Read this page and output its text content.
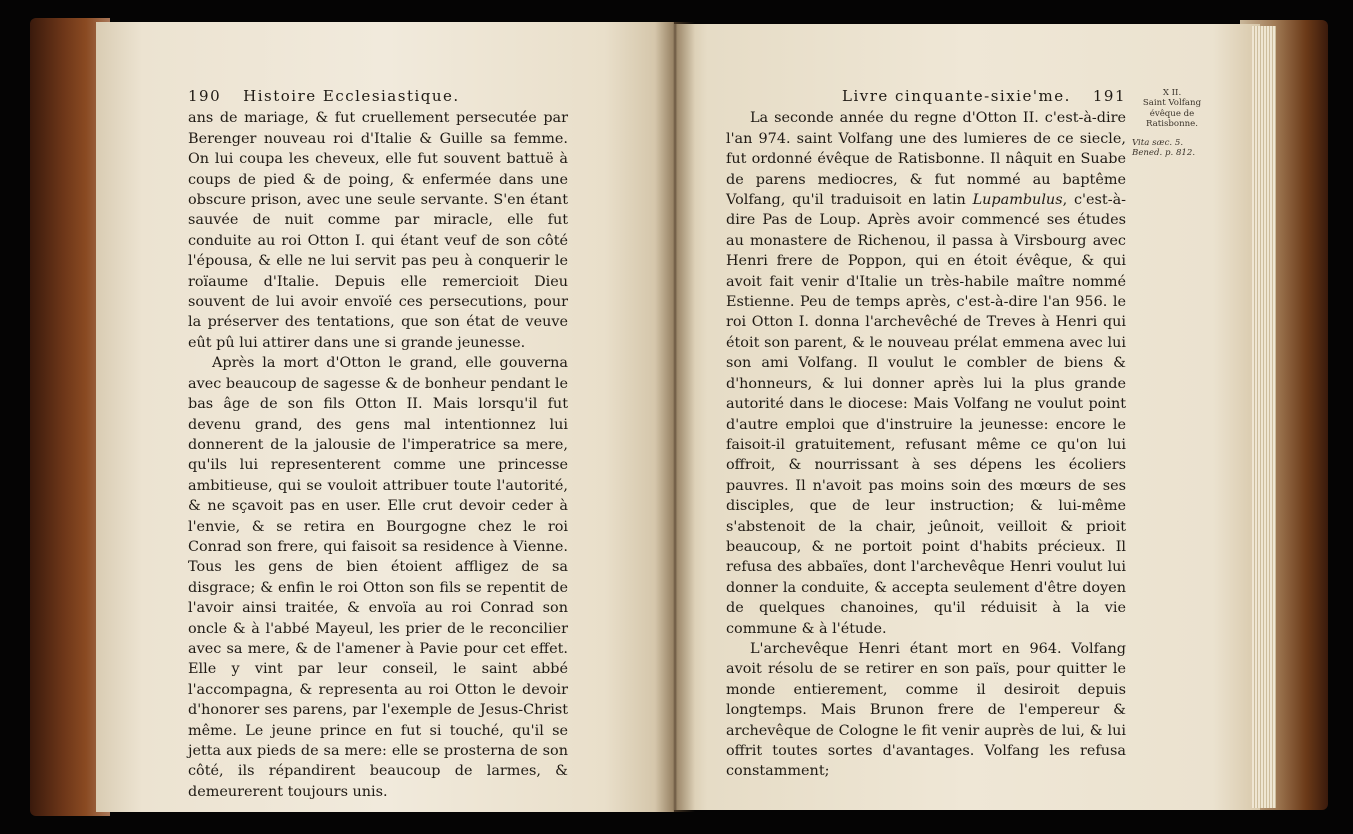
190 Histoire Ecclesiastique.

ans de mariage, & fut cruellement persecutée par Berenger nouveau roi d'Italie & Guille sa femme. On lui coupa les cheveux, elle fut souvent battuë à coups de pied & de poing, & enfermée dans une obscure prison, avec une seule servante. S'en étant sauvée de nuit comme par miracle, elle fut conduite au roi Otton I. qui étant veuf de son côté l'épousa, & elle ne lui servit pas peu à conquerir le roïaume d'Italie. Depuis elle remercioit Dieu souvent de lui avoir envoïé ces persecutions, pour la préserver des tentations, que son état de veuve eût pû lui attirer dans une si grande jeunesse.

Après la mort d'Otton le grand, elle gouverna avec beaucoup de sagesse & de bonheur pendant le bas âge de son fils Otton II. Mais lorsqu'il fut devenu grand, des gens mal intentionnez lui donnerent de la jalousie de l'imperatrice sa mere, qu'ils lui representerent comme une princesse ambitieuse, qui se vouloit attribuer toute l'autorité, & ne sçavoit pas en user. Elle crut devoir ceder à l'envie, & se retira en Bourgogne chez le roi Conrad son frere, qui faisoit sa residence à Vienne. Tous les gens de bien étoient affligez de sa disgrace; & enfin le roi Otton son fils se repentit de l'avoir ainsi traitée, & envoïa au roi Conrad son oncle & à l'abbé Mayeul, les prier de le reconcilier avec sa mere, & de l'amener à Pavie pour cet effet. Elle y vint par leur conseil, le saint abbé l'accompagna, & representa au roi Otton le devoir d'honorer ses parens, par l'exemple de Jesus-Christ même. Le jeune prince en fut si touché, qu'il se jetta aux pieds de sa mere: elle se prosterna de son côté, ils répandirent beaucoup de larmes, & demeurerent toujours unis.

Livre cinquante-sixie'me. 191

La seconde année du regne d'Otton II. c'est-à-dire l'an 974. saint Volfang une des lumieres de ce siecle, fut ordonné évêque de Ratisbonne. Il nâquit en Suabe de parens mediocres, & fut nommé au baptême Volfang, qu'il traduisoit en latin Lupambulus, c'est-à-dire Pas de Loup. Après avoir commencé ses études au monastere de Richenou, il passa à Virsbourg avec Henri frere de Poppon, qui en étoit évêque, & qui avoit fait venir d'Italie un très-habile maître nommé Estienne. Peu de temps après, c'est-à-dire l'an 956. le roi Otton I. donna l'archevêché de Treves à Henri qui étoit son parent, & le nouveau prélat emmena avec lui son ami Volfang. Il voulut le combler de biens & d'honneurs, & lui donner après lui la plus grande autorité dans le diocese: Mais Volfang ne voulut point d'autre emploi que d'instruire la jeunesse: encore le faisoit-il gratuitement, refusant même ce qu'on lui offroit, & nourrissant à ses dépens les écoliers pauvres. Il n'avoit pas moins soin des mœurs de ses disciples, que de leur instruction; & lui-même s'abstenoit de la chair, jeûnoit, veilloit & prioit beaucoup, & ne portoit point d'habits précieux. Il refusa des abbaïes, dont l'archevêque Henri voulut lui donner la conduite, & accepta seulement d'être doyen de quelques chanoines, qu'il réduisit à la vie commune & à l'étude.

L'archevêque Henri étant mort en 964. Volfang avoit résolu de se retirer en son païs, pour quitter le monde entierement, comme il desiroit depuis longtemps. Mais Brunon frere de l'empereur & archevêque de Cologne le fit venir auprès de lui, & lui offrit toutes sortes d'avantages. Volfang les refusa constamment;

X II.
Saint Volfang évêque de Ratisbonne.
Vita sæc. 5. Bened. p. 812.
